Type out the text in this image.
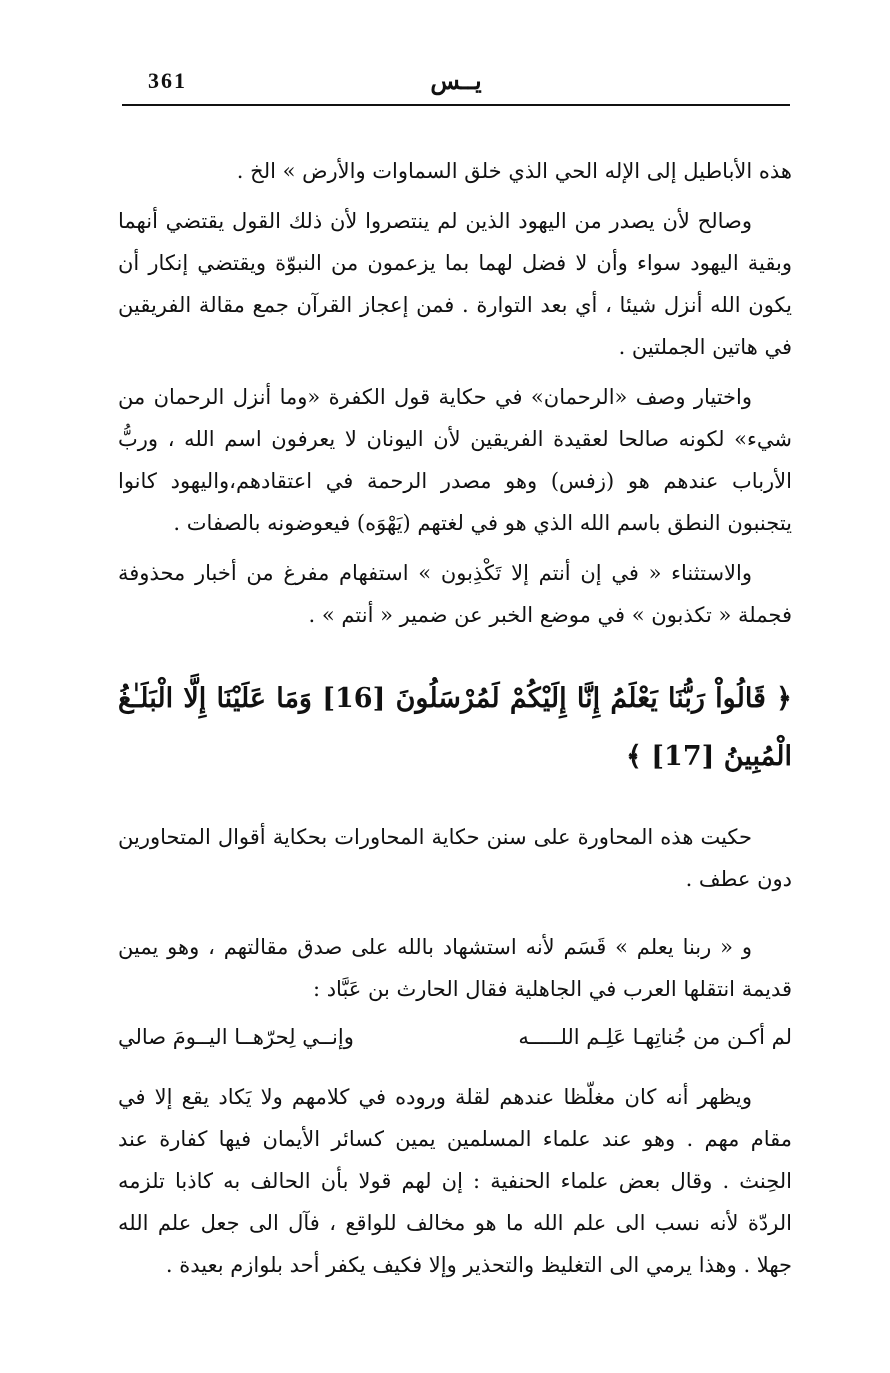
361	يــس

هذه الأباطيل إلى الإله الحي الذي خلق السماوات والأرض » الخ .

وصالح لأن يصدر من اليهود الذين لم ينتصروا لأن ذلك القول يقتضي أنهما وبقية اليهود سواء وأن لا فضل لهما بما يزعمون من النبوّة ويقتضي إنكار أن يكون الله أنزل شيئا ، أي بعد التوارة . فمن إعجاز القرآن جمع مقالة الفريقين في هاتين الجملتين .

واختيار وصف «الرحمان» في حكاية قول الكفرة «وما أنزل الرحمان من شيء» لكونه صالحا لعقيدة الفريقين لأن اليونان لا يعرفون اسم الله ، وربُّ الأرباب عندهم هو (زفس) وهو مصدر الرحمة في اعتقادهم،واليهود كانوا يتجنبون النطق باسم الله الذي هو في لغتهم (يَهْوَه) فيعوضونه بالصفات .

والاستثناء « في إن أنتم إلا تَكْذِبون » استفهام مفرغ من أخبار محذوفة فجملة « تكذبون » في موضع الخبر عن ضمير « أنتم » .

﴿ قَالُواْ رَبُّنَا يَعْلَمُ إِنَّا إِلَيْكُمْ لَمُرْسَلُونَ [16] وَمَا عَلَيْنَا إِلَّا الْبَلَـٰغُ الْمُبِينُ [17] ﴾

حكيت هذه المحاورة على سنن حكاية المحاورات بحكاية أقوال المتحاورين دون عطف .

و « ربنا يعلم » قَسَم لأنه استشهاد بالله على صدق مقالتهم ، وهو يمين قديمة انتقلها العرب في الجاهلية فقال الحارث بن عَبَّاد :

لم أكـن من جُناتِهـا عَلِـم اللـــــه
وإنــي لِحرّهــا اليــومَ صالي

ويظهر أنه كان مغلّظا عندهم لقلة وروده في كلامهم ولا يَكاد يقع إلا في مقام مهم . وهو عند علماء المسلمين يمين كسائر الأيمان فيها كفارة عند الحِنث . وقال بعض علماء الحنفية : إن لهم قولا بأن الحالف به كاذبا تلزمه الردّة لأنه نسب الى علم الله ما هو مخالف للواقع ، فآل الى جعل علم الله جهلا . وهذا يرمي الى التغليظ والتحذير وإلا فكيف يكفر أحد بلوازم بعيدة .
